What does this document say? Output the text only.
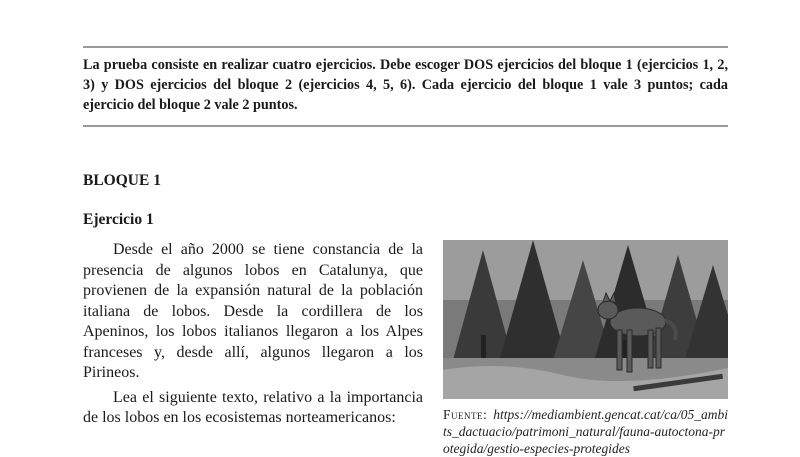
La prueba consiste en realizar cuatro ejercicios. Debe escoger DOS ejercicios del bloque 1 (ejercicios 1, 2, 3) y DOS ejercicios del bloque 2 (ejercicios 4, 5, 6). Cada ejercicio del bloque 1 vale 3 puntos; cada ejercicio del bloque 2 vale 2 puntos.
BLOQUE 1
Ejercicio 1

Desde el año 2000 se tiene constancia de la presencia de algunos lobos en Catalunya, que provienen de la expansión natural de la población italiana de lobos. Desde la cordillera de los Apeninos, los lobos italianos llegaron a los Alpes franceses y, desde allí, algunos llegaron a los Pirineos.

Lea el siguiente texto, relativo a la importancia de los lobos en los ecosistemas norteamericanos:	Fuente: https://mediambient.gencat.cat/ca/05_ambits_dactuacio/patrimoni_natural/fauna-autoctona-protegida/gestio-especies-protegides
